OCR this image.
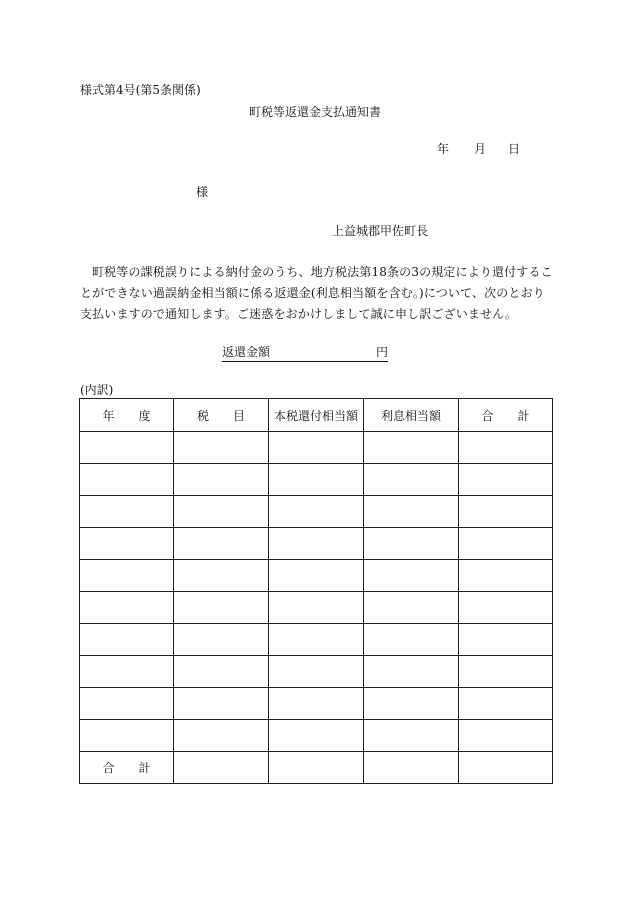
様式第4号(第5条関係)
町税等返還金支払通知書
年 月 日
様
上益城郡甲佐町長
町税等の課税誤りによる納付金のうち、地方税法第18条の3の規定により還付することができない過誤納金相当額に係る返還金(利息相当額を含む。)について、次のとおり支払いますので通知します。ご迷惑をおかけしまして誠に申し訳ございません。
返還金額	円
(内訳)
年　　度	税　　目	本税還付相当額	利息相当額	合　　計

合　　計				
